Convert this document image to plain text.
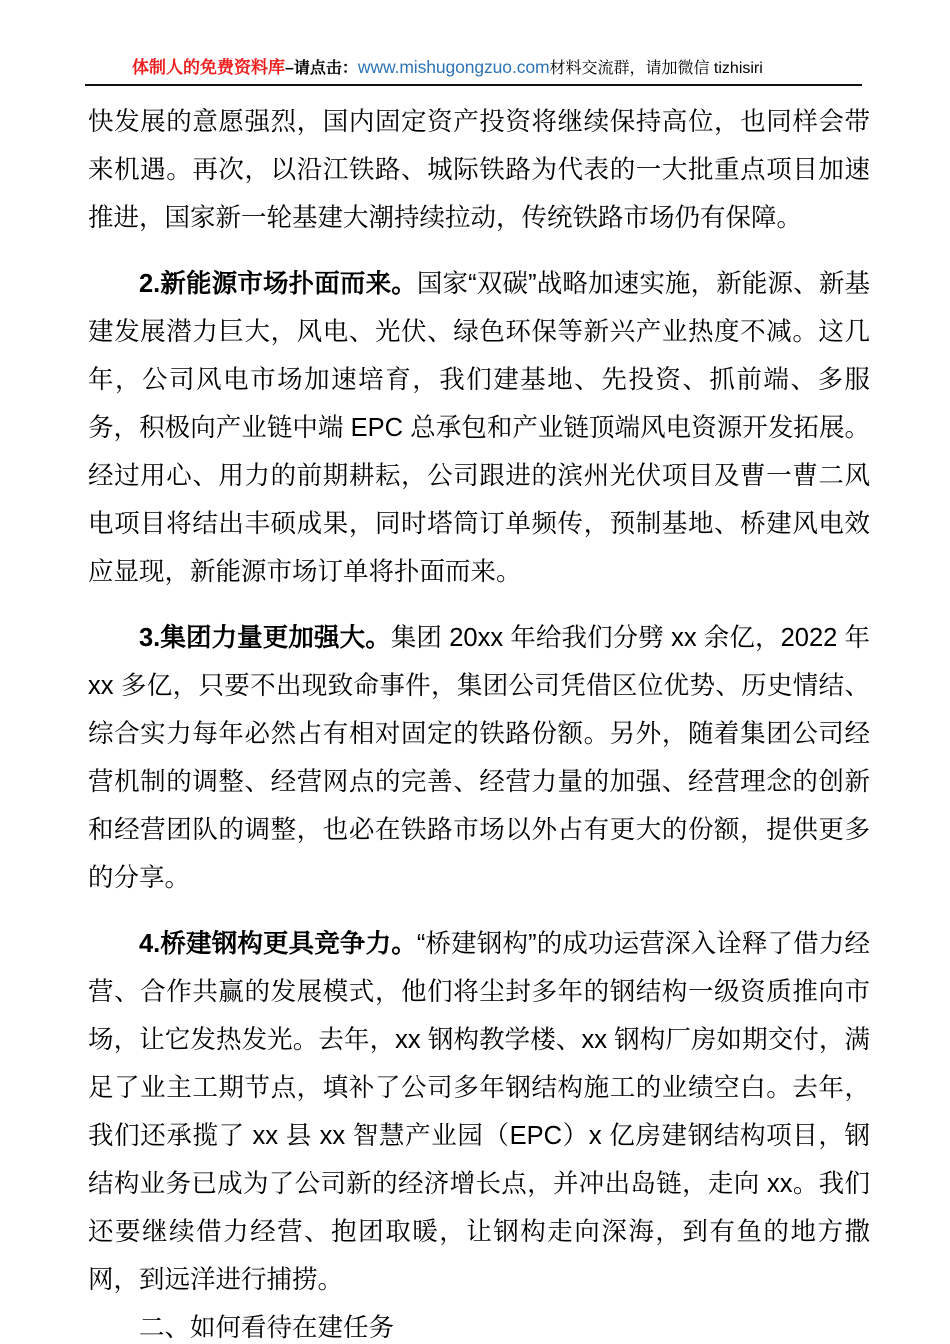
体制人的免费资料库–请点击：www.mishugongzuo.com材料交流群，请加微信 tizhisiri

快发展的意愿强烈，国内固定资产投资将继续保持高位，也同样会带来机遇。再次，以沿江铁路、城际铁路为代表的一大批重点项目加速推进，国家新一轮基建大潮持续拉动，传统铁路市场仍有保障。

2.新能源市场扑面而来。国家“双碳”战略加速实施，新能源、新基建发展潜力巨大，风电、光伏、绿色环保等新兴产业热度不减。这几年，公司风电市场加速培育，我们建基地、先投资、抓前端、多服务，积极向产业链中端 EPC 总承包和产业链顶端风电资源开发拓展。经过用心、用力的前期耕耘，公司跟进的滨州光伏项目及曹一曹二风电项目将结出丰硕成果，同时塔筒订单频传，预制基地、桥建风电效应显现，新能源市场订单将扑面而来。

3.集团力量更加强大。集团 20xx 年给我们分劈 xx 余亿，2022 年 xx 多亿，只要不出现致命事件，集团公司凭借区位优势、历史情结、综合实力每年必然占有相对固定的铁路份额。另外，随着集团公司经营机制的调整、经营网点的完善、经营力量的加强、经营理念的创新和经营团队的调整，也必在铁路市场以外占有更大的份额，提供更多的分享。

4.桥建钢构更具竞争力。“桥建钢构”的成功运营深入诠释了借力经营、合作共赢的发展模式，他们将尘封多年的钢结构一级资质推向市场，让它发热发光。去年，xx 钢构教学楼、xx 钢构厂房如期交付，满足了业主工期节点，填补了公司多年钢结构施工的业绩空白。去年，我们还承揽了 xx 县 xx 智慧产业园（EPC）x 亿房建钢结构项目，钢结构业务已成为了公司新的经济增长点，并冲出岛链，走向 xx。我们还要继续借力经营、抱团取暖，让钢构走向深海，到有鱼的地方撒网，到远洋进行捕捞。

二、如何看待在建任务
